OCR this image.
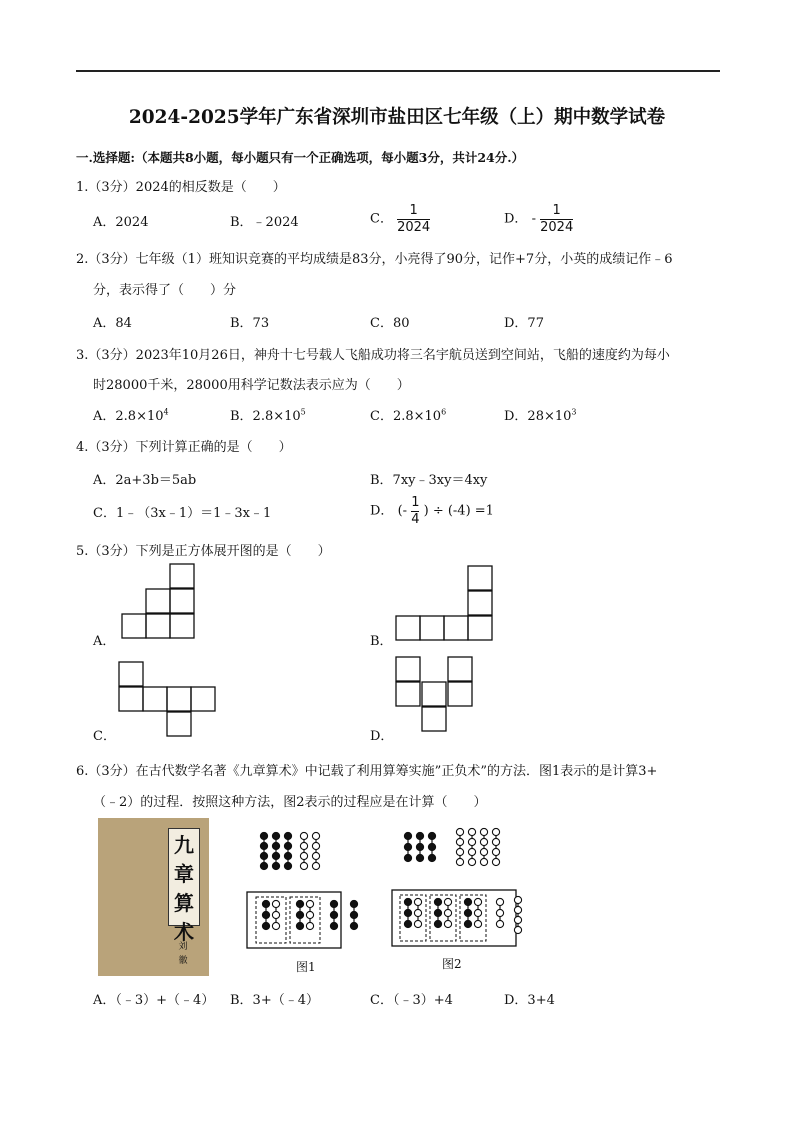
2024-2025学年广东省深圳市盐田区七年级（上）期中数学试卷
一.选择题:（本题共8小题，每小题只有一个正确选项，每小题3分，共计24分.）
1.（3分）2024的相反数是（　　）
A．2024	B．﹣2024	C． $\frac{1}{2024}$	D． - $\frac{1}{2024}$
2.（3分）七年级（1）班知识竞赛的平均成绩是83分，小亮得了90分，记作+7分，小英的成绩记作﹣6
分，表示得了（　　）分
A．84	B．73	C．80	D．77
3.（3分）2023年10月26日，神舟十七号载人飞船成功将三名宇航员送到空间站，飞船的速度约为每小
时28000千米，28000用科学记数法表示应为（　　）
A．$2.8\times 10^4$	B．$2.8\times 10^5$	C．$2.8\times 10^6$	D．$28\times 10^3$
4.（3分）下列计算正确的是（　　）
A．2a+3b＝5ab	B．7xy﹣3xy＝4xy
C．1﹣（3x﹣1）＝1﹣3x﹣1	D． (- $\frac{1}{4}$ ) ÷ (-4) =1
5.（3分）下列是正方体展开图的是（　　）
A．	B．
C．	D．
6.（3分）在古代数学名著《九章算术》中记载了利用算筹实施”正负术”的方法．图1表示的是计算3+
（﹣2）的过程．按照这种方法，图2表示的过程应是在计算（　　）
九
章
算
术
刘
徽	图1	图2
A．（﹣3）+（﹣4） B．3+（﹣4）	C．（﹣3）+4	D．3+4
